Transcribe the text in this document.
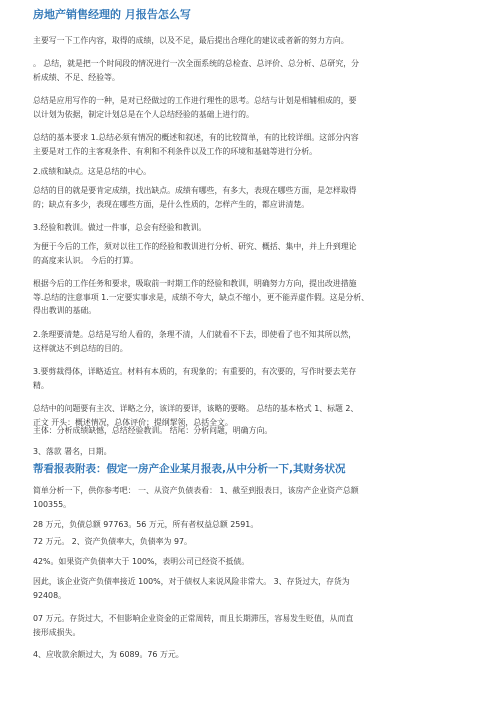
房地产销售经理的 月报告怎么写
主要写一下工作内容，取得的成绩，以及不足，最后提出合理化的建议或者新的努力方向。
。 总结，就是把一个时间段的情况进行一次全面系统的总检查、总评价、总分析、总研究，分
析成绩、不足、经验等。
总结是应用写作的一种，是对已经做过的工作进行理性的思考。总结与计划是相辅相成的，要
以计划为依据，制定计划总是在个人总结经验的基础上进行的。
总结的基本要求 1.总结必须有情况的概述和叙述，有的比较简单，有的比较详细。这部分内容
主要是对工作的主客观条件、有利和不利条件以及工作的环境和基础等进行分析。
2.成绩和缺点。这是总结的中心。
总结的目的就是要肯定成绩，找出缺点。成绩有哪些，有多大，表现在哪些方面，是怎样取得
的；缺点有多少，表现在哪些方面，是什么性质的，怎样产生的，都应讲清楚。
3.经验和教训。做过一件事，总会有经验和教训。
为便于今后的工作，须对以往工作的经验和教训进行分析、研究、概括、集中，并上升到理论
的高度来认识。 今后的打算。
根据今后的工作任务和要求，吸取前一时期工作的经验和教训，明确努力方向，提出改进措施
等.总结的注意事项 1.一定要实事求是，成绩不夸大，缺点不缩小，更不能弄虚作假。这是分析、
得出教训的基础。
2.条理要清楚。总结是写给人看的，条理不清，人们就看不下去，即使看了也不知其所以然，
这样就达不到总结的目的。
3.要剪裁得体，详略适宜。材料有本质的，有现象的；有重要的，有次要的，写作时要去芜存
精。
总结中的问题要有主次、详略之分，该详的要详，该略的要略。 总结的基本格式 1、标题 2、
正文 开头：概述情况，总体评价；提纲挈领，总括全文。
主体：分析成绩缺憾，总结经验教训。 结尾：分析问题，明确方向。
3、落款 署名，日期。
帮看报表附表：假定一房产企业某月报表,从中分析一下,其财务状况
简单分析一下，供你参考吧： 一、从资产负债表看： 1、截至到报表日，该房产企业资产总额
100355。
28 万元，负债总额 97763。56 万元，所有者权益总额 2591。
72 万元。 2、资产负债率大，负债率为 97。
42%。如果资产负债率大于 100%，表明公司已经资不抵债。
因此，该企业资产负债率接近 100%，对于债权人来说风险非常大。 3、存货过大，存货为
92408。
07 万元。存货过大，不但影响企业资金的正常周转，而且长期滞压，容易发生贬值，从而直
接形成损失。
4、应收款余额过大，为 6089。76 万元。
